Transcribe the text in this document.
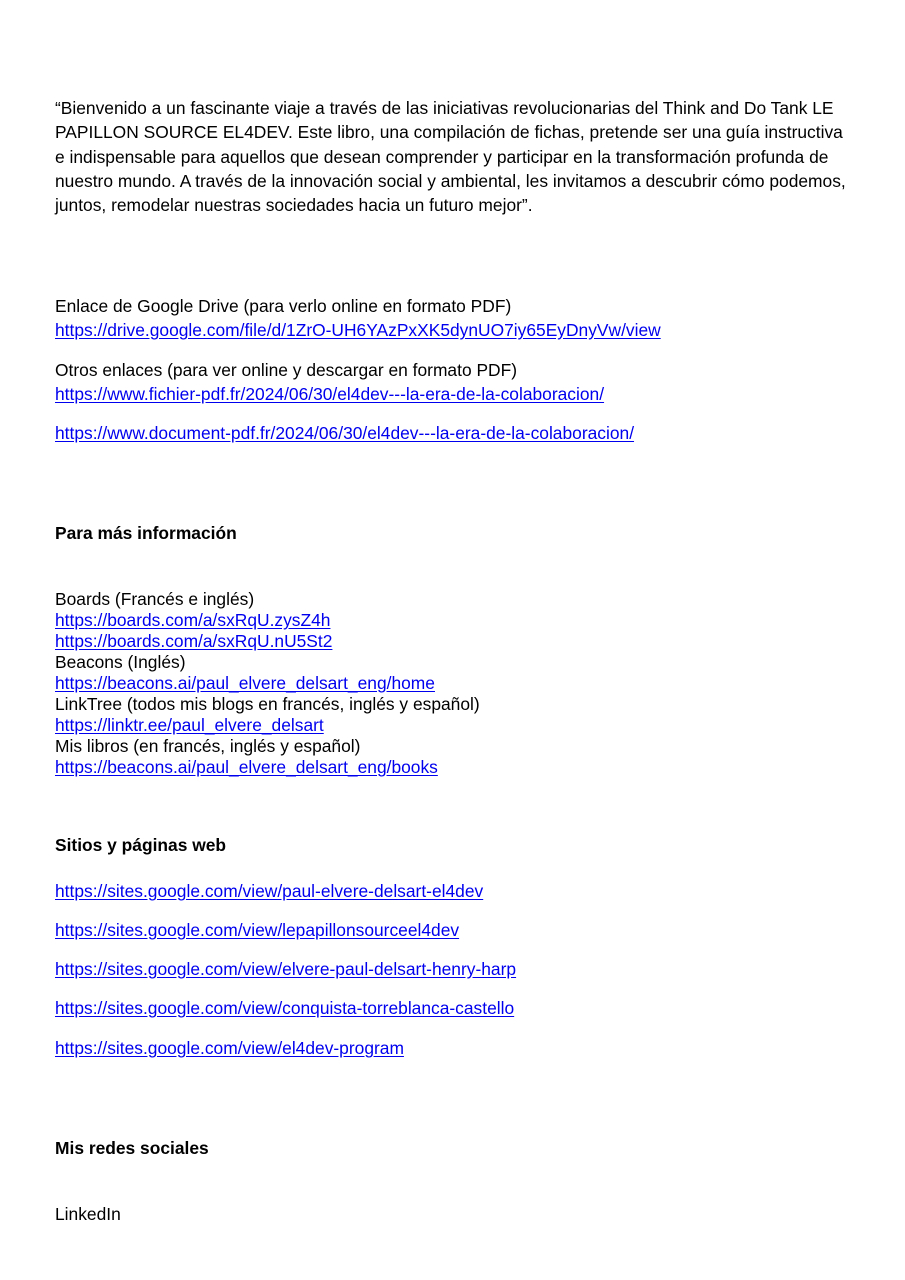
“Bienvenido a un fascinante viaje a través de las iniciativas revolucionarias del Think and Do Tank LE PAPILLON SOURCE EL4DEV. Este libro, una compilación de fichas, pretende ser una guía instructiva e indispensable para aquellos que desean comprender y participar en la transformación profunda de nuestro mundo. A través de la innovación social y ambiental, les invitamos a descubrir cómo podemos, juntos, remodelar nuestras sociedades hacia un futuro mejor”.

Enlace de Google Drive (para verlo online en formato PDF)

https://drive.google.com/file/d/1ZrO-UH6YAzPxXK5dynUO7iy65EyDnyVw/view

Otros enlaces (para ver online y descargar en formato PDF)

https://www.fichier-pdf.fr/2024/06/30/el4dev---la-era-de-la-colaboracion/

https://www.document-pdf.fr/2024/06/30/el4dev---la-era-de-la-colaboracion/

Para más información

Boards (Francés e inglés)

https://boards.com/a/sxRqU.zysZ4h

https://boards.com/a/sxRqU.nU5St2

Beacons (Inglés)

https://beacons.ai/paul_elvere_delsart_eng/home

LinkTree (todos mis blogs en francés, inglés y español)

https://linktr.ee/paul_elvere_delsart

Mis libros (en francés, inglés y español)

https://beacons.ai/paul_elvere_delsart_eng/books

Sitios y páginas web

https://sites.google.com/view/paul-elvere-delsart-el4dev

https://sites.google.com/view/lepapillonsourceel4dev

https://sites.google.com/view/elvere-paul-delsart-henry-harp

https://sites.google.com/view/conquista-torreblanca-castello

https://sites.google.com/view/el4dev-program

Mis redes sociales

LinkedIn
